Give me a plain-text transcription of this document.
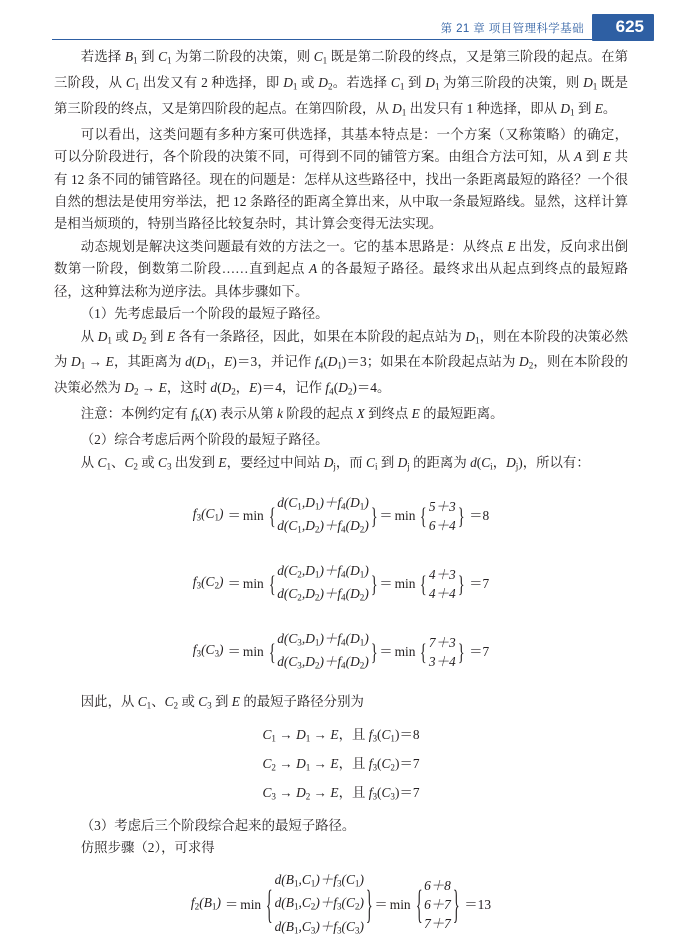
第 21 章 项目管理科学基础 625

若选择 $B_1$ 到 $C_1$ 为第二阶段的决策，则 $C_1$ 既是第二阶段的终点，又是第三阶段的起点。在第三阶段，从 $C_1$ 出发又有 2 种选择，即 $D_1$ 或 $D_2$。若选择 $C_1$ 到 $D_1$ 为第三阶段的决策，则 $D_1$ 既是第三阶段的终点，又是第四阶段的起点。在第四阶段，从 $D_1$ 出发只有 1 种选择，即从 $D_1$ 到 E。

可以看出，这类问题有多种方案可供选择，其基本特点是：一个方案（又称策略）的确定，可以分阶段进行，各个阶段的决策不同，可得到不同的铺管方案。由组合方法可知，从 A 到 E 共有 12 条不同的铺管路径。现在的问题是：怎样从这些路径中，找出一条距离最短的路径？一个很自然的想法是使用穷举法，把 12 条路径的距离全算出来，从中取一条最短路线。显然，这样计算是相当烦琐的，特别当路径比较复杂时，其计算会变得无法实现。

动态规划是解决这类问题最有效的方法之一。它的基本思路是：从终点 E 出发，反向求出倒数第一阶段，倒数第二阶段……直到起点 A 的各最短子路径。最终求出从起点到终点的最短路径，这种算法称为逆序法。具体步骤如下。

（1）先考虑最后一个阶段的最短子路径。

从 $D_1$ 或 $D_2$ 到 E 各有一条路径，因此，如果在本阶段的起点站为 $D_1$，则在本阶段的决策必然为 $D_1 \to E$，其距离为 $d(D_1$，E)＝3，并记作 $f_4(D_1)=3$；如果在本阶段起点站为 $D_2$，则在本阶段的决策必然为 $D_2 \to E$，这时 $d(D_2$，E)＝4，记作 $f_4(D_2)=4$。

注意：本例约定有 $f_k(X)$ 表示从第 k 阶段的起点 X 到终点 E 的最短距离。

（2）综合考虑后两个阶段的最短子路径。

从 $C_1$、$C_2$ 或 $C_3$ 出发到 E，要经过中间站 $D_j$，而 $C_i$ 到 $D_j$ 的距离为 $d(C_i$，$D_j$)，所以有：

$f_3(C_1) = \min$ {
$d(C_1,D_1)+f_4(D_1)$
$d(C_1,D_2)+f_4(D_2)$ } ＝ min { 5＋3
6＋4 } ＝8
$f_3(C_2) = \min$ {
$d(C_2,D_1)+f_4(D_1)$
$d(C_2,D_2)+f_4(D_2)$ } ＝ min { 4＋3
4＋4 } ＝7
$f_3(C_3) = \min$ {
$d(C_3,D_1)+f_4(D_1)$
$d(C_3,D_2)+f_4(D_2)$ } ＝ min { 7＋3
3＋4 } ＝7

因此，从 $C_1$、$C_2$ 或 $C_3$ 到 E 的最短子路径分别为

$C_1 \to D_1 \to E$，且 $f_3(C_1)=8$
$C_2 \to D_1 \to E$，且 $f_3(C_2)=7$
$C_3 \to D_2 \to E$，且 $f_3(C_3)=7$

（3）考虑后三个阶段综合起来的最短子路径。

仿照步骤（2），可求得

$f_2(B_1) = \min$ {
$d(B_1,C_1)+f_3(C_1)$
$d(B_1,C_2)+f_3(C_2)$
$d(B_1,C_3)+f_3(C_3)$ } ＝ min { 6＋8
6＋7
7＋7 } ＝13
